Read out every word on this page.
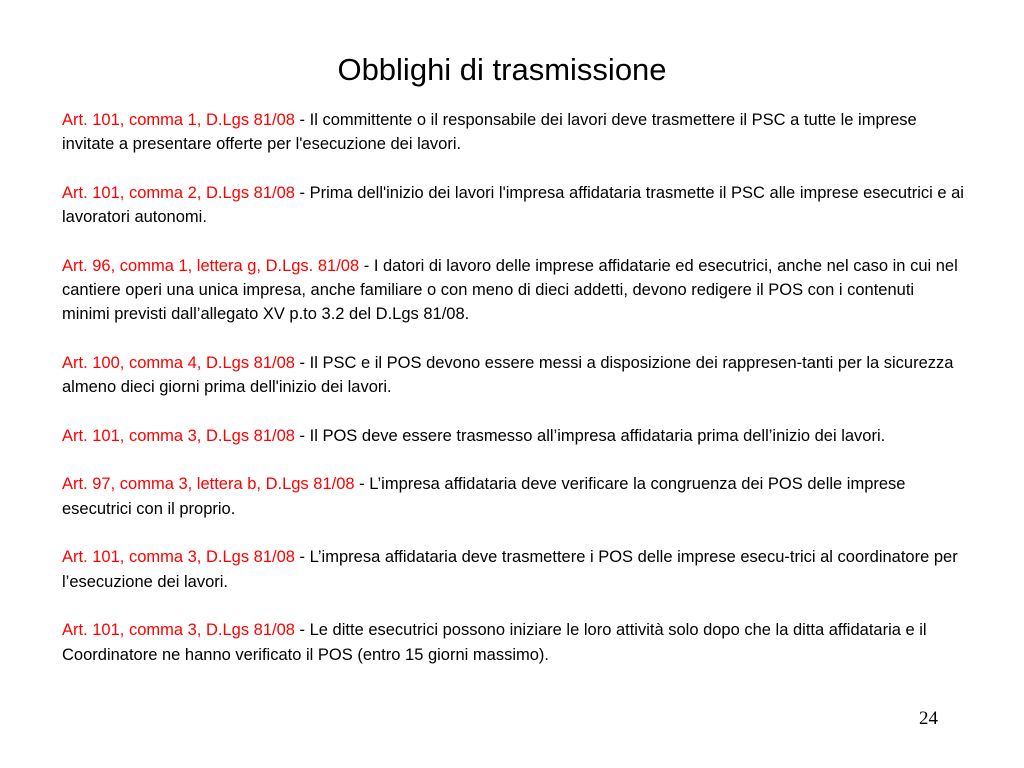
Obblighi di trasmissione

Art. 101, comma 1, D.Lgs 81/08 - Il committente o il responsabile dei lavori deve trasmettere il PSC a tutte le imprese invitate a presentare offerte per l'esecuzione dei lavori.

Art. 101, comma 2, D.Lgs 81/08 - Prima dell'inizio dei lavori l'impresa affidataria trasmette il PSC alle imprese esecutrici e ai lavoratori autonomi.

Art. 96, comma 1, lettera g, D.Lgs. 81/08 - I datori di lavoro delle imprese affidatarie ed esecutrici, anche nel caso in cui nel cantiere operi una unica impresa, anche familiare o con meno di dieci addetti, devono redigere il POS con i contenuti minimi previsti dall’allegato XV p.to 3.2 del D.Lgs 81/08.

Art. 100, comma 4, D.Lgs 81/08 - Il PSC e il POS devono essere messi a disposizione dei rappresen-tanti per la sicurezza almeno dieci giorni prima dell'inizio dei lavori.

Art. 101, comma 3, D.Lgs 81/08 - Il POS deve essere trasmesso all’impresa affidataria prima dell’inizio dei lavori.

Art. 97, comma 3, lettera b, D.Lgs 81/08 - L’impresa affidataria deve verificare la congruenza dei POS delle imprese esecutrici con il proprio.

Art. 101, comma 3, D.Lgs 81/08 - L’impresa affidataria deve trasmettere i POS delle imprese esecu-trici al coordinatore per l’esecuzione dei lavori.

Art. 101, comma 3, D.Lgs 81/08 - Le ditte esecutrici possono iniziare le loro attività solo dopo che la ditta affidataria e il Coordinatore ne hanno verificato il POS (entro 15 giorni massimo).

24
